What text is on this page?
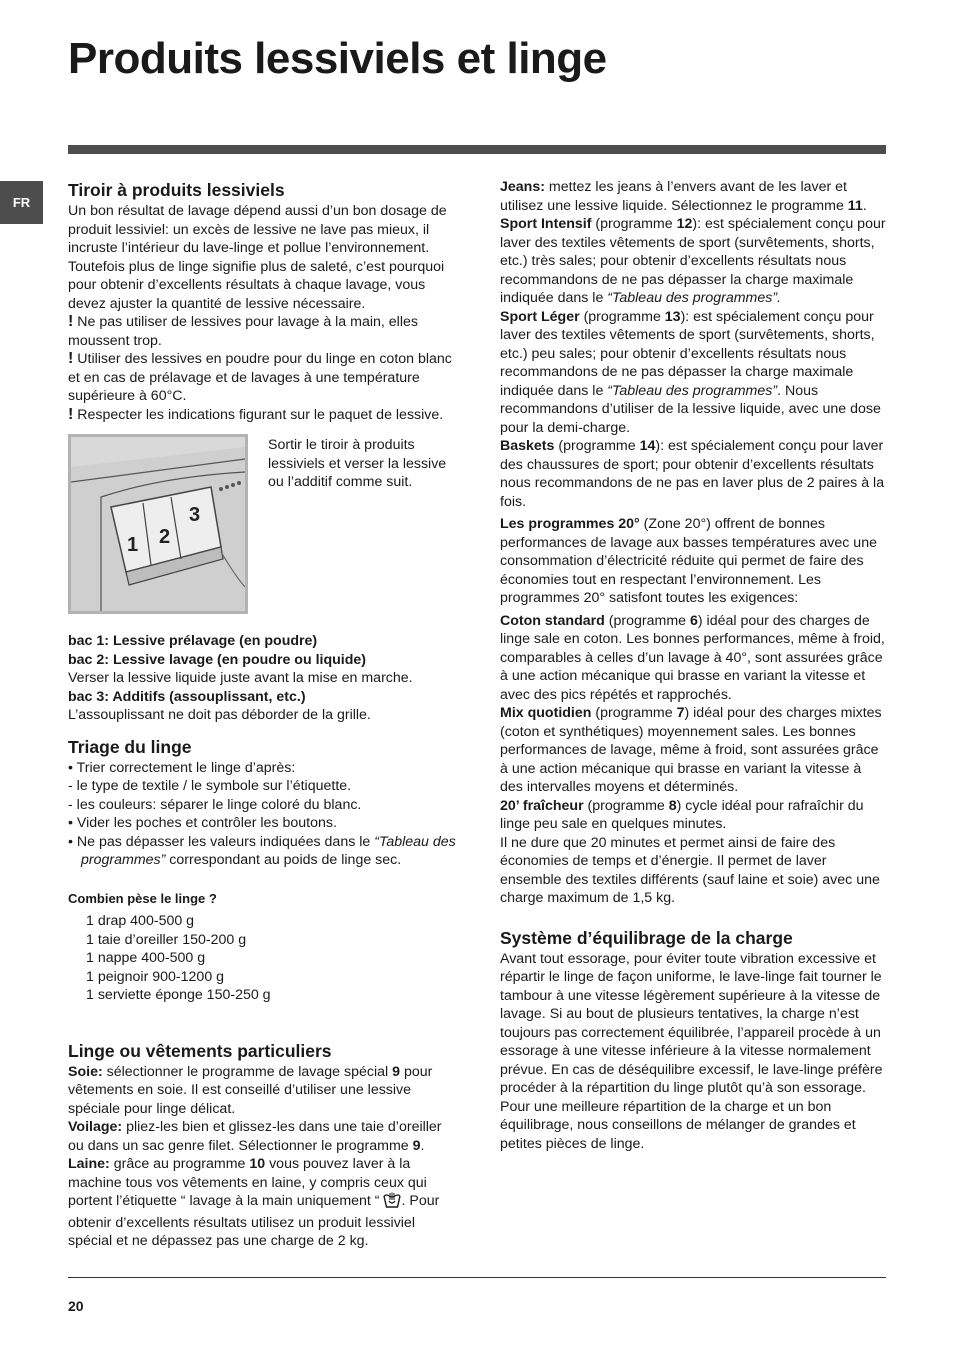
Produits lessiviels et linge
FR
Tiroir à produits lessiviels

Un bon résultat de lavage dépend aussi d’un bon dosage de produit lessiviel: un excès de lessive ne lave pas mieux, il incruste l’intérieur du lave-linge et pollue l’environnement. Toutefois plus de linge signifie plus de saleté, c’est pourquoi pour obtenir d’excellents résultats à chaque lavage, vous devez ajuster la quantité de lessive nécessaire.

! Ne pas utiliser de lessives pour lavage à la main, elles moussent trop.

! Utiliser des lessives en poudre pour du linge en coton blanc et en cas de prélavage et de lavages à une température supérieure à 60°C.

! Respecter les indications figurant sur le paquet de lessive.

1 2
3

Sortir le tiroir à produits lessiviels et verser la lessive ou l’additif comme suit.

bac 1: Lessive prélavage (en poudre)

bac 2: Lessive lavage (en poudre ou liquide)

Verser la lessive liquide juste avant la mise en marche.

bac 3: Additifs (assouplissant, etc.)

L’assouplissant ne doit pas déborder de la grille.

Triage du linge

• Trier correctement le linge d’après:

- le type de textile / le symbole sur l’étiquette.

- les couleurs: séparer le linge coloré du blanc.

• Vider les poches et contrôler les boutons.

• Ne pas dépasser les valeurs indiquées dans le “Tableau des programmes” correspondant au poids de linge sec.

Combien pèse le linge ?

1 drap 400-500 g

1 taie d’oreiller 150-200 g

1 nappe 400-500 g

1 peignoir 900-1200 g

1 serviette éponge 150-250 g

Linge ou vêtements particuliers

Soie: sélectionner le programme de lavage spécial 9 pour vêtements en soie. Il est conseillé d’utiliser une lessive spéciale pour linge délicat.

Voilage: pliez-les bien et glissez-les dans une taie d’oreiller ou dans un sac genre filet. Sélectionner le programme 9.

Laine: grâce au programme 10 vous pouvez laver à la machine tous vos vêtements en laine, y compris ceux qui portent l’étiquette “ lavage à la main uniquement “ . Pour obtenir d’excellents résultats utilisez un produit lessiviel spécial et ne dépassez pas une charge de 2 kg.

Jeans: mettez les jeans à l’envers avant de les laver et utilisez une lessive liquide. Sélectionnez le programme 11.

Sport Intensif (programme 12): est spécialement conçu pour laver des textiles vêtements de sport (survêtements, shorts, etc.) très sales; pour obtenir d’excellents résultats nous recommandons de ne pas dépasser la charge maximale indiquée dans le “Tableau des programmes”.

Sport Léger (programme 13): est spécialement conçu pour laver des textiles vêtements de sport (survêtements, shorts, etc.) peu sales; pour obtenir d’excellents résultats nous recommandons de ne pas dépasser la charge maximale indiquée dans le “Tableau des programmes”. Nous recommandons d’utiliser de la lessive liquide, avec une dose pour la demi-charge.

Baskets (programme 14): est spécialement conçu pour laver des chaussures de sport; pour obtenir d’excellents résultats nous recommandons de ne pas en laver plus de 2 paires à la fois.

Les programmes 20° (Zone 20°) offrent de bonnes performances de lavage aux basses températures avec une consommation d’électricité réduite qui permet de faire des économies tout en respectant l’environnement. Les programmes 20° satisfont toutes les exigences:

Coton standard (programme 6) idéal pour des charges de linge sale en coton. Les bonnes performances, même à froid, comparables à celles d’un lavage à 40°, sont assurées grâce à une action mécanique qui brasse en variant la vitesse et avec des pics répétés et rapprochés.

Mix quotidien (programme 7) idéal pour des charges mixtes (coton et synthétiques) moyennement sales. Les bonnes performances de lavage, même à froid, sont assurées grâce à une action mécanique qui brasse en variant la vitesse à des intervalles moyens et déterminés.

20’ fraîcheur (programme 8) cycle idéal pour rafraîchir du linge peu sale en quelques minutes.

Il ne dure que 20 minutes et permet ainsi de faire des économies de temps et d’énergie. Il permet de laver ensemble des textiles différents (sauf laine et soie) avec une charge maximum de 1,5 kg.

Système d’équilibrage de la charge

Avant tout essorage, pour éviter toute vibration excessive et répartir le linge de façon uniforme, le lave-linge fait tourner le tambour à une vitesse légèrement supérieure à la vitesse de lavage. Si au bout de plusieurs tentatives, la charge n’est toujours pas correctement équilibrée, l’appareil procède à un essorage à une vitesse inférieure à la vitesse normalement prévue. En cas de déséquilibre excessif, le lave-linge préfère procéder à la répartition du linge plutôt qu’à son essorage. Pour une meilleure répartition de la charge et un bon équilibrage, nous conseillons de mélanger de grandes et petites pièces de linge.

20
